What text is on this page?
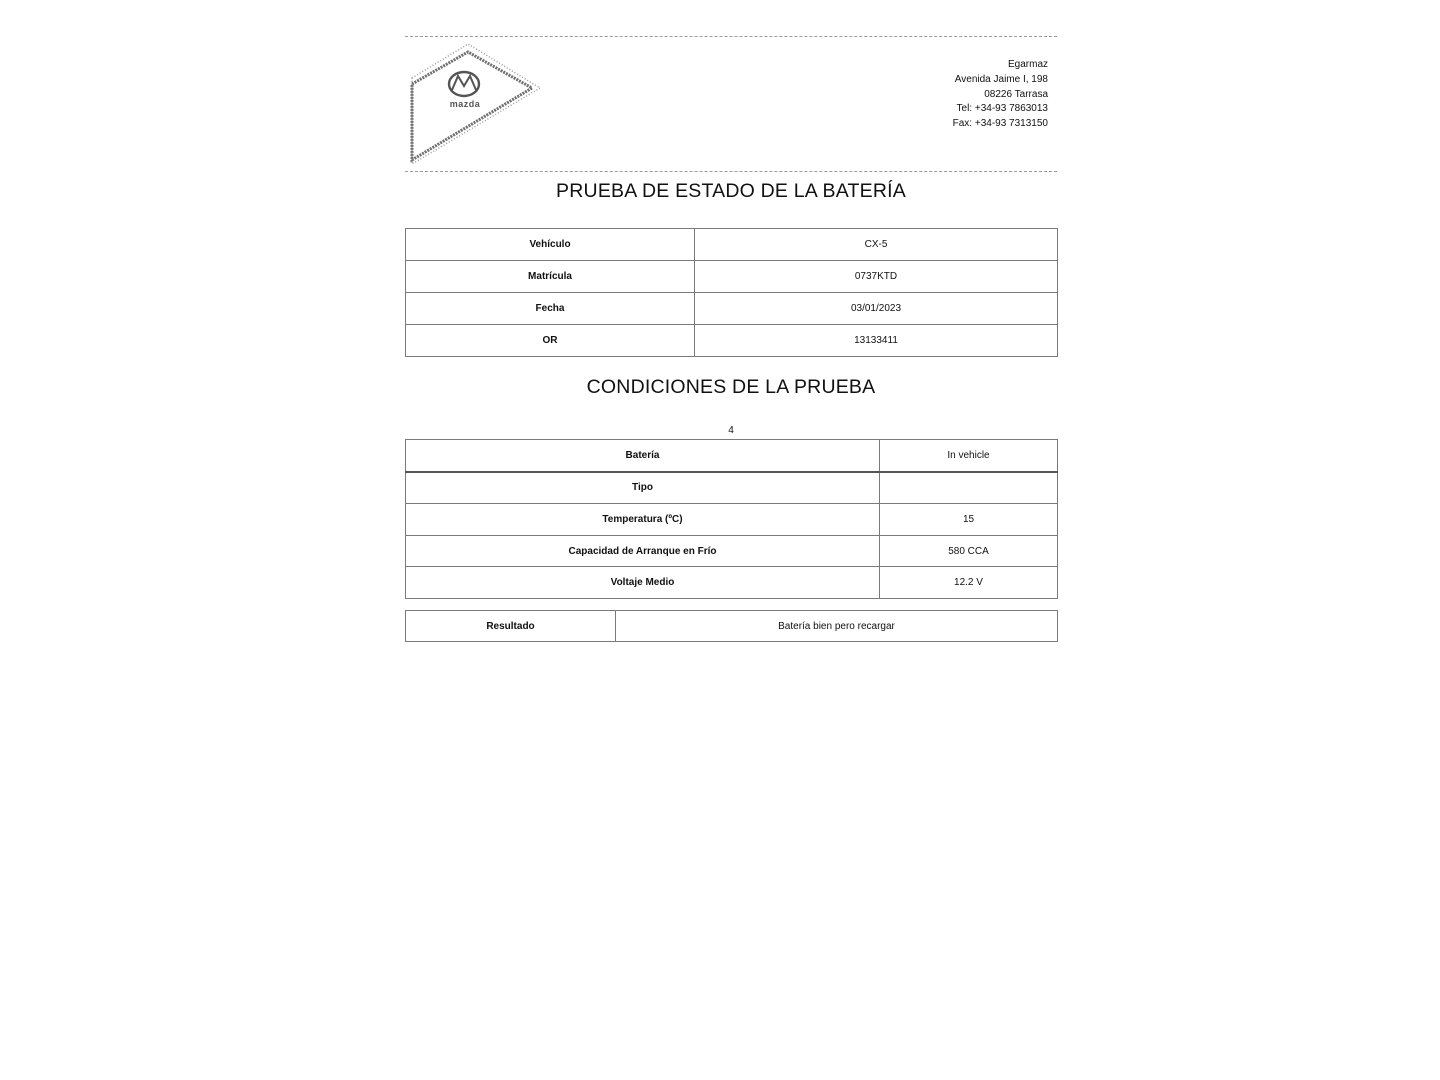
mazda
Egarmaz
Avenida Jaime I, 198
08226 Tarrasa
Tel: +34-93 7863013
Fax: +34-93 7313150
PRUEBA DE ESTADO DE LA BATERÍA
Vehículo	CX-5
Matrícula	0737KTD
Fecha	03/01/2023
OR	13133411
CONDICIONES DE LA PRUEBA
4
Batería	In vehicle
Tipo	
Temperatura (ºC)	15
Capacidad de Arranque en Frío	580 CCA
Voltaje Medio	12.2 V
Resultado	Batería bien pero recargar
